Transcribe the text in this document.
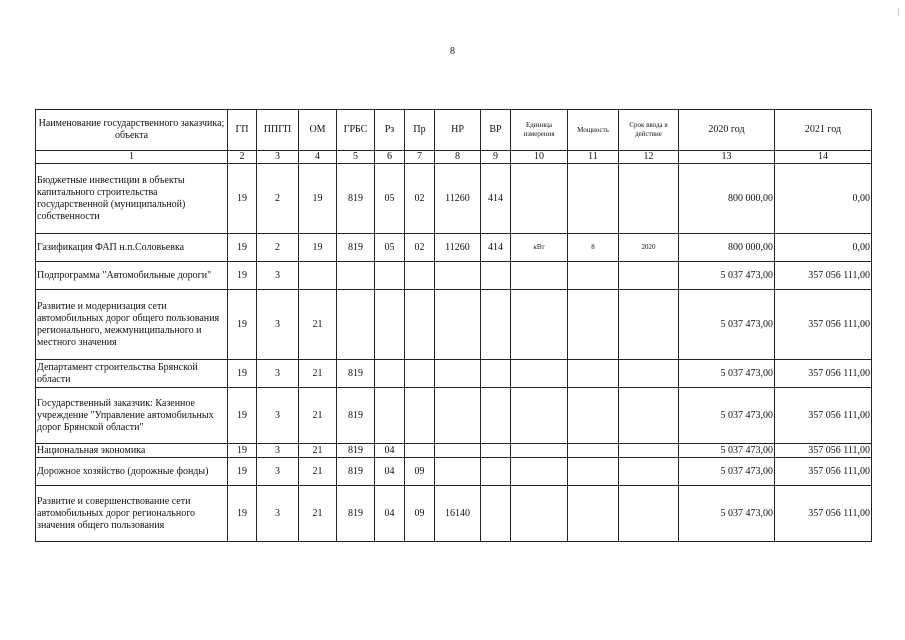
8
|
Наименование государственного заказчика; объекта	ГП	ППГП	ОМ	ГРБС	Рз	Пр	НР	ВР	Единица измерения	Мощность	Срок ввода в действие	2020 год	2021 год
1	2	3	4	5	6	7	8	9	10	11	12	13	14
Бюджетные инвестиции в объекты капитального строительства государственной (муниципальной) собственности	19	2	19	819	05	02	11260	414				800 000,00	0,00
Газификация ФАП н.п.Соловьевка	19	2	19	819	05	02	11260	414	кВт	8	2020	800 000,00	0,00
Подпрограмма "Автомобильные дороги"	19	3										5 037 473,00	357 056 111,00
Развитие и модернизация сети автомобильных дорог общего пользования регионального, межмуниципального и местного значения	19	3	21									5 037 473,00	357 056 111,00
Департамент строительства Брянской области	19	3	21	819								5 037 473,00	357 056 111,00
Государственный заказчик: Казенное учреждение "Управление автомобильных дорог Брянской области"	19	3	21	819								5 037 473,00	357 056 111,00
Национальная экономика	19	3	21	819	04							5 037 473,00	357 056 111,00
Дорожное хозяйство (дорожные фонды)	19	3	21	819	04	09						5 037 473,00	357 056 111,00
Развитие и совершенствование сети автомобильных дорог регионального значения общего пользования	19	3	21	819	04	09	16140					5 037 473,00	357 056 111,00
